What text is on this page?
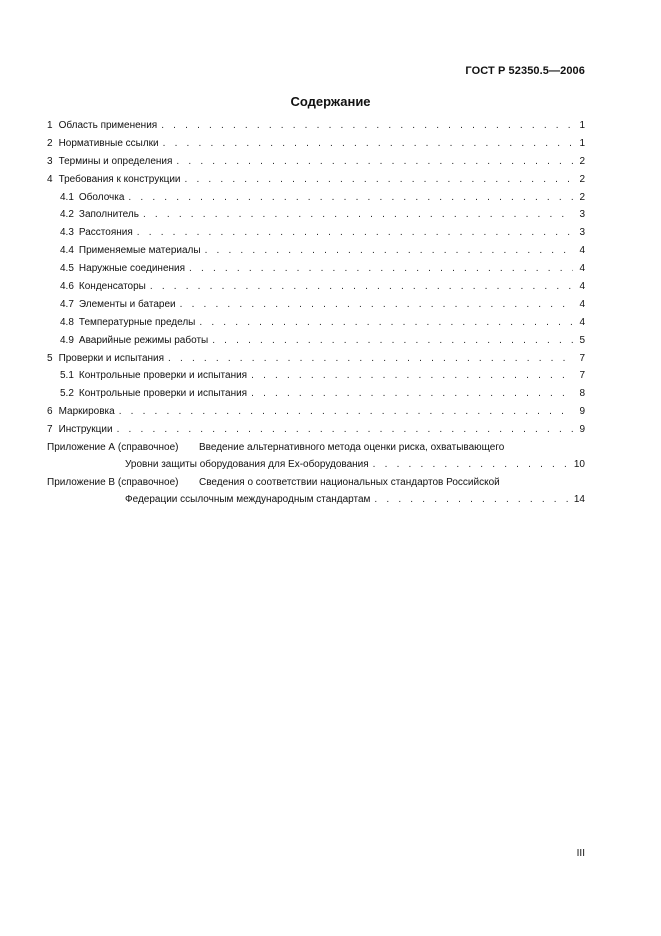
ГОСТ Р 52350.5—2006
Содержание
1 Область применения . . .	1
2 Нормативные ссылки . . .	1
3 Термины и определения . . .	2
4 Требования к конструкции . . .	2
4.1 Оболочка . . .	2
4.2 Заполнитель . . .	3
4.3 Расстояния . . .	3
4.4 Применяемые материалы . . .	4
4.5 Наружные соединения . . .	4
4.6 Конденсаторы . . .	4
4.7 Элементы и батареи . . .	4
4.8 Температурные пределы . . .	4
4.9 Аварийные режимы работы . . .	5
5 Проверки и испытания . . .	7
5.1 Контрольные проверки и испытания . . .	7
5.2 Контрольные проверки и испытания . . .	8
6 Маркировка . . .	9
7 Инструкции . . .	9
Приложение А (справочное)	Введение альтернативного метода оценки риска, охватывающего
Уровни защиты оборудования для Ex-оборудования . . .	10
Приложение В (справочное)	Сведения о соответствии национальных стандартов Российской
Федерации ссылочным международным стандартам . . .	14
III
